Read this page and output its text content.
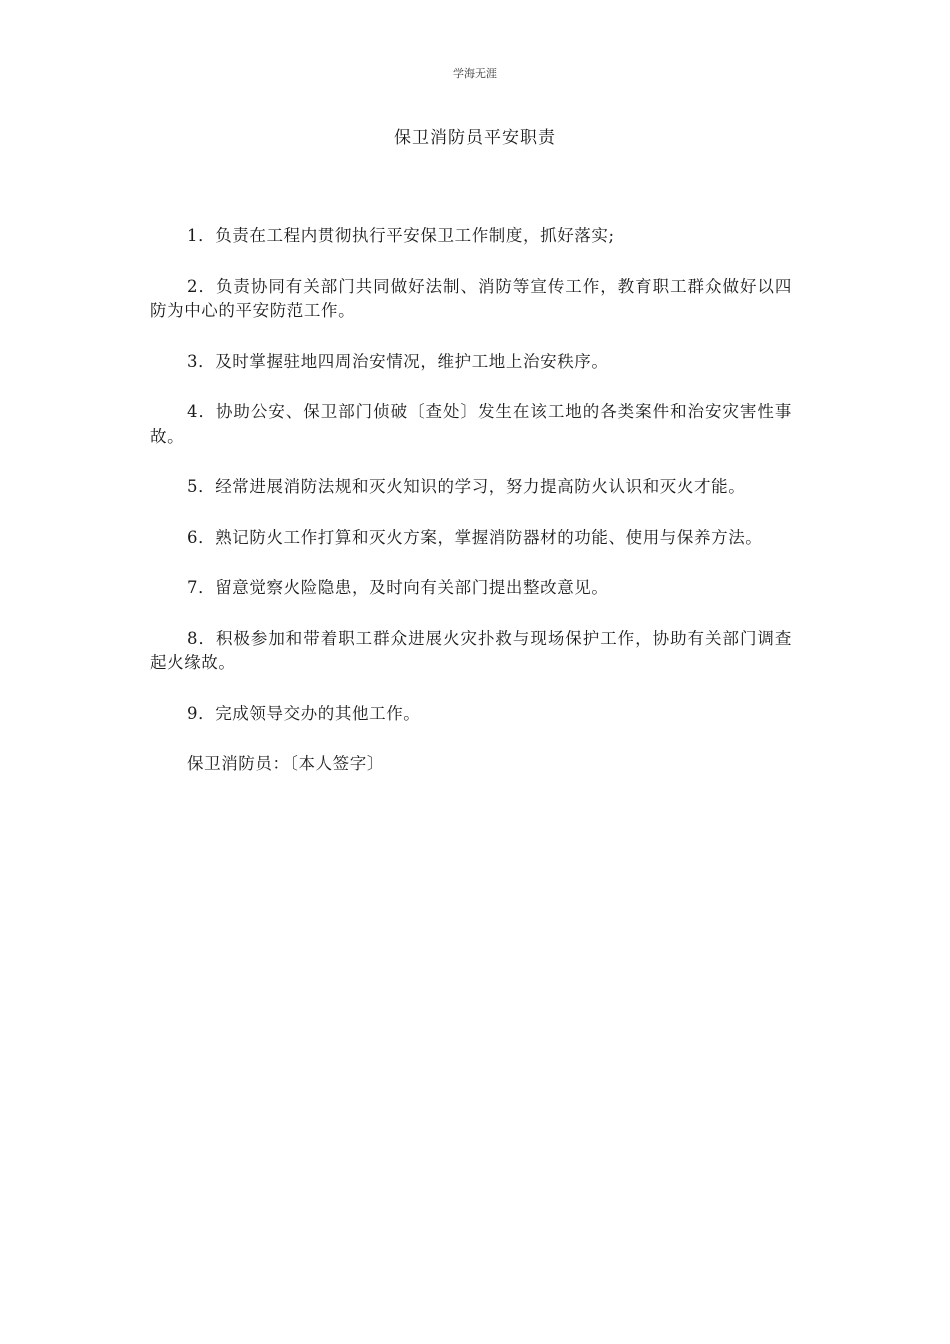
学海无涯
保卫消防员平安职责

1．负责在工程内贯彻执行平安保卫工作制度，抓好落实;

2．负责协同有关部门共同做好法制、消防等宣传工作，教育职工群众做好以四防为中心的平安防范工作。

3．及时掌握驻地四周治安情况，维护工地上治安秩序。

4．协助公安、保卫部门侦破〔查处〕发生在该工地的各类案件和治安灾害性事故。

5．经常进展消防法规和灭火知识的学习，努力提高防火认识和灭火才能。

6．熟记防火工作打算和灭火方案，掌握消防器材的功能、使用与保养方法。

7．留意觉察火险隐患，及时向有关部门提出整改意见。

8．积极参加和带着职工群众进展火灾扑救与现场保护工作，协助有关部门调查起火缘故。

9．完成领导交办的其他工作。

保卫消防员：〔本人签字〕
